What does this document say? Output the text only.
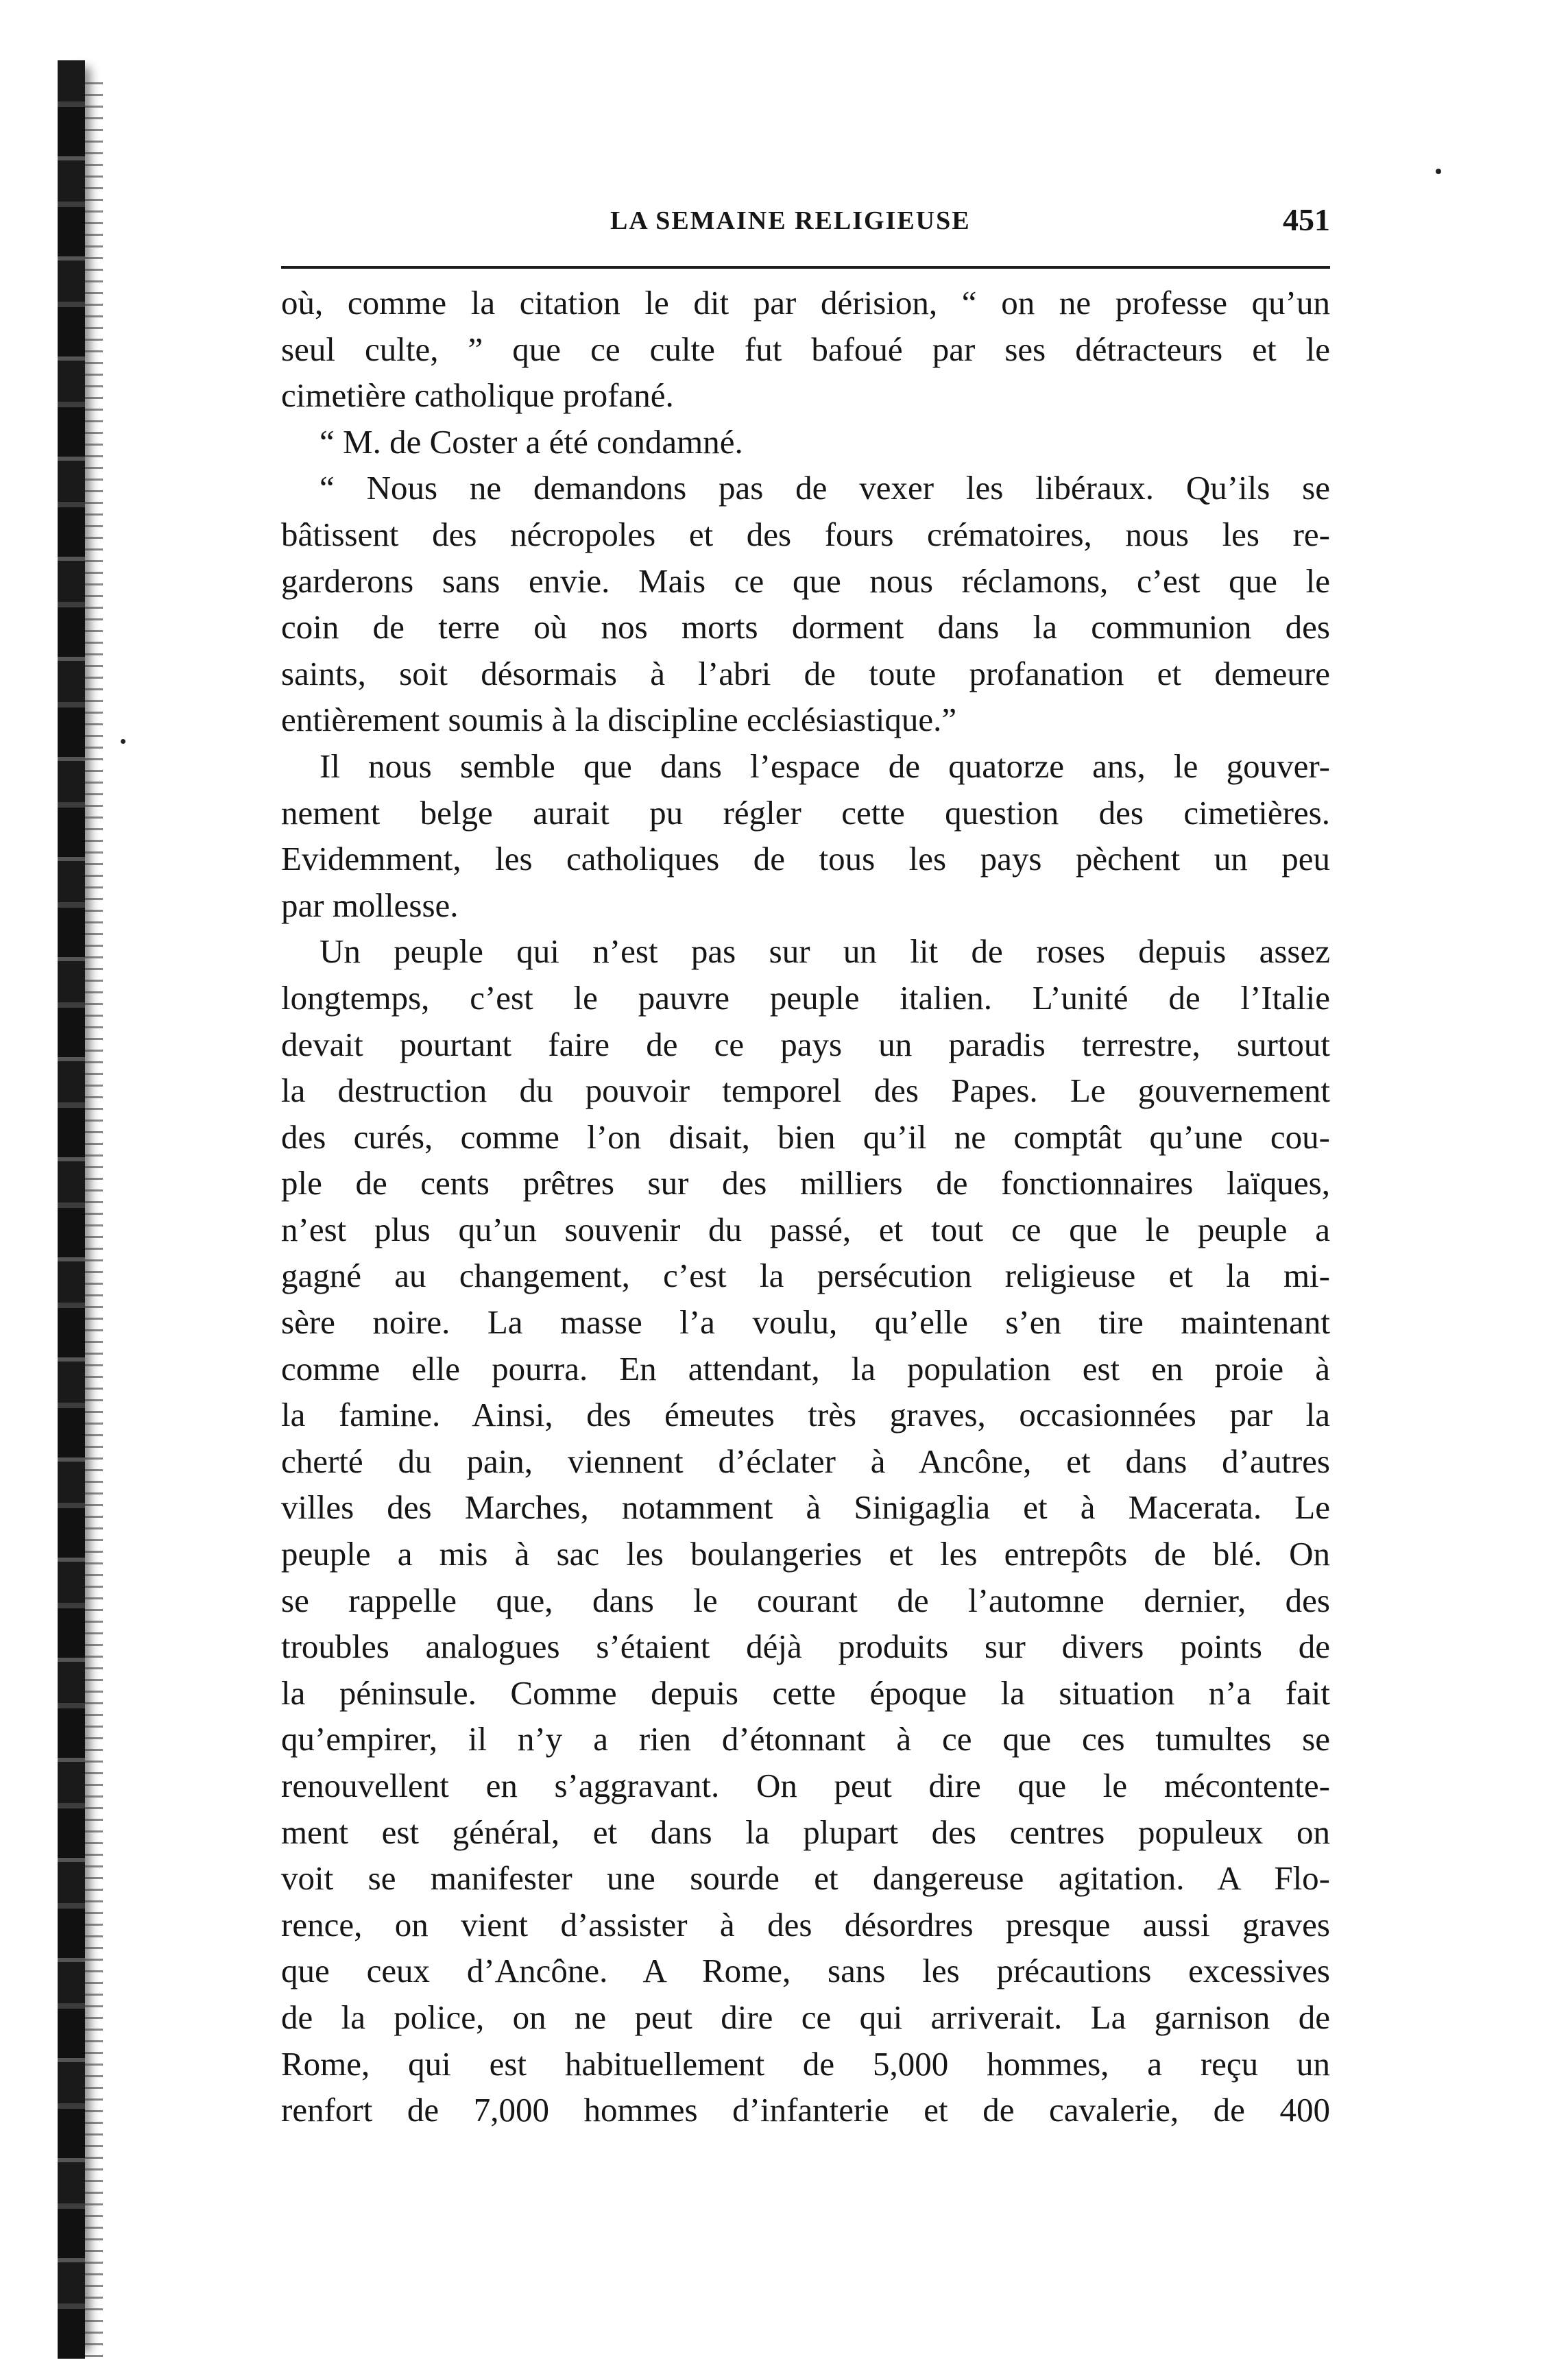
LA SEMAINE RELIGIEUSE	451
où, comme la citation le dit par dérision, “ on ne professe qu’un
seul culte, ” que ce culte fut bafoué par ses détracteurs et le
cimetière catholique profané.
“ M. de Coster a été condamné.
“ Nous ne demandons pas de vexer les libéraux. Qu’ils se
bâtissent des nécropoles et des fours crématoires, nous les re-
garderons sans envie. Mais ce que nous réclamons, c’est que le
coin de terre où nos morts dorment dans la communion des
saints, soit désormais à l’abri de toute profanation et demeure
entièrement soumis à la discipline ecclésiastique.”
Il nous semble que dans l’espace de quatorze ans, le gouver-
nement belge aurait pu régler cette question des cimetières.
Evidemment, les catholiques de tous les pays pèchent un peu
par mollesse.
Un peuple qui n’est pas sur un lit de roses depuis assez
longtemps, c’est le pauvre peuple italien. L’unité de l’Italie
devait pourtant faire de ce pays un paradis terrestre, surtout
la destruction du pouvoir temporel des Papes. Le gouvernement
des curés, comme l’on disait, bien qu’il ne comptât qu’une cou-
ple de cents prêtres sur des milliers de fonctionnaires laïques,
n’est plus qu’un souvenir du passé, et tout ce que le peuple a
gagné au changement, c’est la persécution religieuse et la mi-
sère noire. La masse l’a voulu, qu’elle s’en tire maintenant
comme elle pourra. En attendant, la population est en proie à
la famine. Ainsi, des émeutes très graves, occasionnées par la
cherté du pain, viennent d’éclater à Ancône, et dans d’autres
villes des Marches, notamment à Sinigaglia et à Macerata. Le
peuple a mis à sac les boulangeries et les entrepôts de blé. On
se rappelle que, dans le courant de l’automne dernier, des
troubles analogues s’étaient déjà produits sur divers points de
la péninsule. Comme depuis cette époque la situation n’a fait
qu’empirer, il n’y a rien d’étonnant à ce que ces tumultes se
renouvellent en s’aggravant. On peut dire que le mécontente-
ment est général, et dans la plupart des centres populeux on
voit se manifester une sourde et dangereuse agitation. A Flo-
rence, on vient d’assister à des désordres presque aussi graves
que ceux d’Ancône. A Rome, sans les précautions excessives
de la police, on ne peut dire ce qui arriverait. La garnison de
Rome, qui est habituellement de 5,000 hommes, a reçu un
renfort de 7,000 hommes d’infanterie et de cavalerie, de 400
